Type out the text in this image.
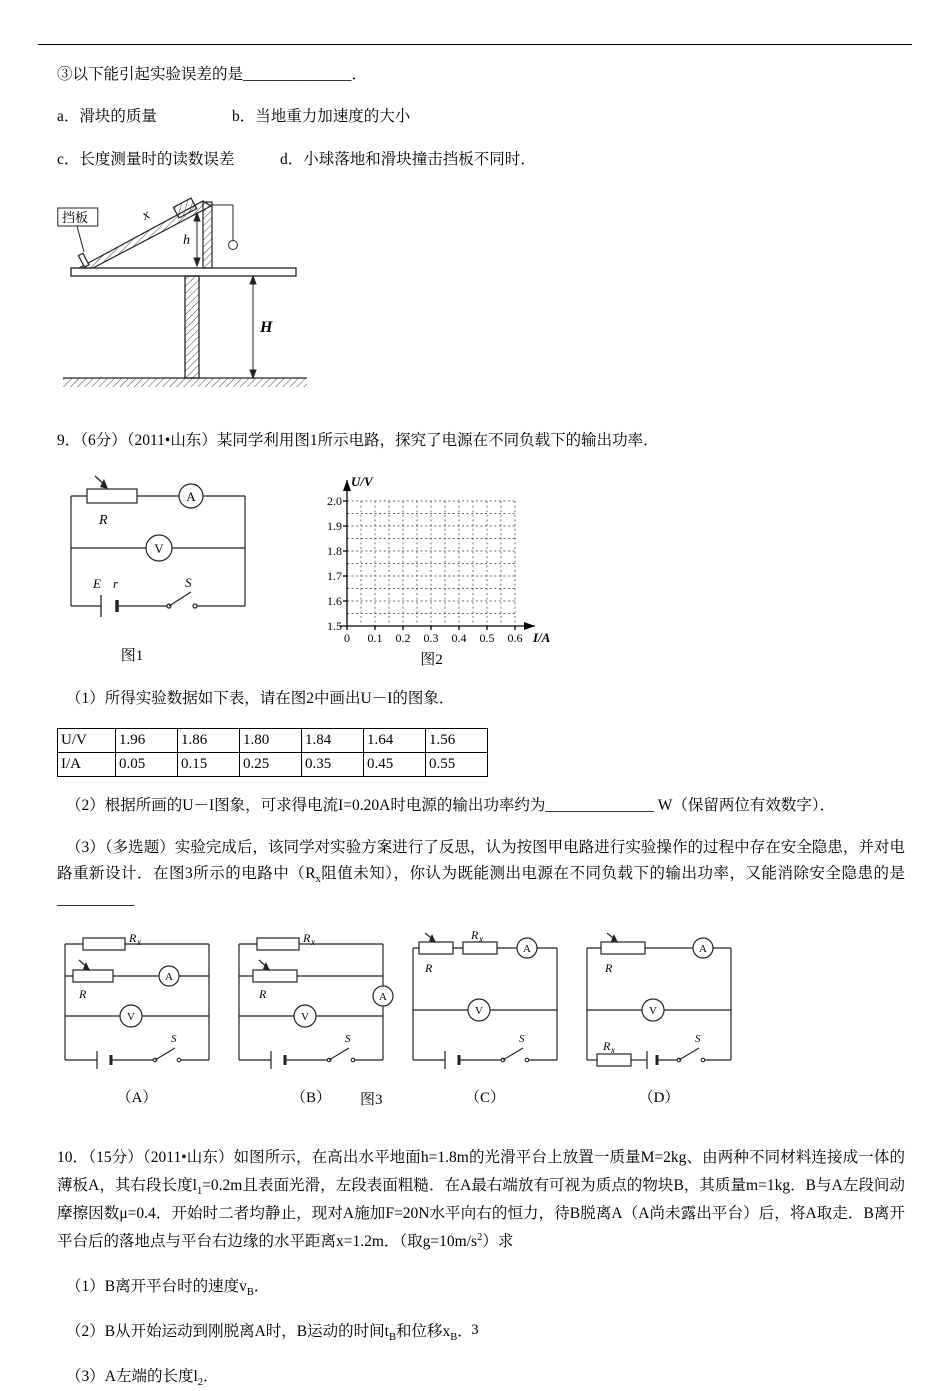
③以下能引起实验误差的是______________．

a．滑块的质量	b．当地重力加速度的大小

c．长度测量时的读数误差	d．小球落地和滑块撞击挡板不同时．

挡板	x
h
H

9．（6分）（2011•山东）某同学利用图1所示电路，探究了电源在不同负载下的输出功率．

A
V
R
E r	S
图1
U/V
I/A
2.0
1.9
1.8
1.7
1.6
1.5
0 0.1 0.2 0.3 0.4 0.5 0.6
图2

（1）所得实验数据如下表，请在图2中画出U－I的图象．

U/V	1.96	1.86	1.80	1.84	1.64	1.56
I/A	0.05	0.15	0.25	0.35	0.45	0.55

（2）根据所画的U－I图象，可求得电流I=0.20A时电源的输出功率约为______________ W（保留两位有效数字）．

（3）（多选题）实验完成后，该同学对实验方案进行了反思，认为按图甲电路进行实验操作的过程中存在安全隐患，并对电路重新设计．在图3所示的电路中（$R_x$阻值未知），你认为既能测出电源在不同负载下的输出功率，又能消除安全隐患的是__________

A
V
R x
R
S
（A）
A
V
R x
R
S
（B）
A
V
R x
R
S
（C）
A
V
R
R x
S
（D）
图3

10．（15分）（2011•山东）如图所示，在高出水平地面h=1.8m的光滑平台上放置一质量M=2kg、由两种不同材料连接成一体的薄板A，其右段长度$l_1=0.2m$且表面光滑，左段表面粗糙．在A最右端放有可视为质点的物块B，其质量m=1kg．B与A左段间动摩擦因数μ=0.4．开始时二者均静止，现对A施加F=20N水平向右的恒力，待B脱离A（A尚未露出平台）后，将A取走．B离开平台后的落地点与平台右边缘的水平距离x=1.2m．（取$g=10m/s^2$）求

（1）B离开平台时的速度$v_B$．

（2）B从开始运动到刚脱离A时，B运动的时间$t_B$和位移$x_B$．

（3）A左端的长度$l_2$．

3
